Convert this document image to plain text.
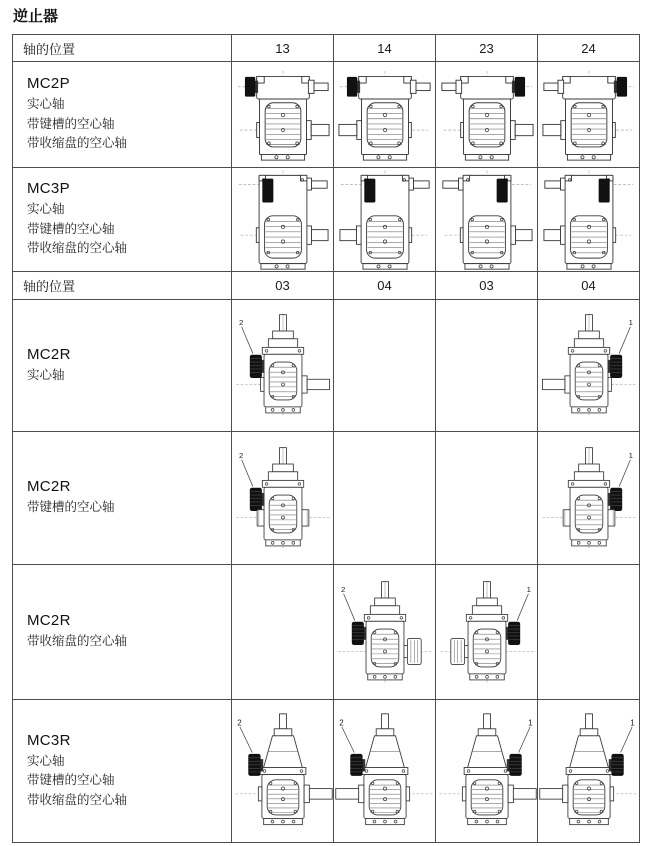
逆止器
轴的位置	13	14	23	24

MC2P
实心轴
带键槽的空心轴
带收缩盘的空心轴

MC3P
实心轴
带键槽的空心轴
带收缩盘的空心轴

轴的位置	03	04	03	04

MC2R
实心轴	2			1

MC2R
带键槽的空心轴	2			1

MC2R
带收缩盘的空心轴		2	1	

MC3R
实心轴
带键槽的空心轴
带收缩盘的空心轴	2	2	1	1
